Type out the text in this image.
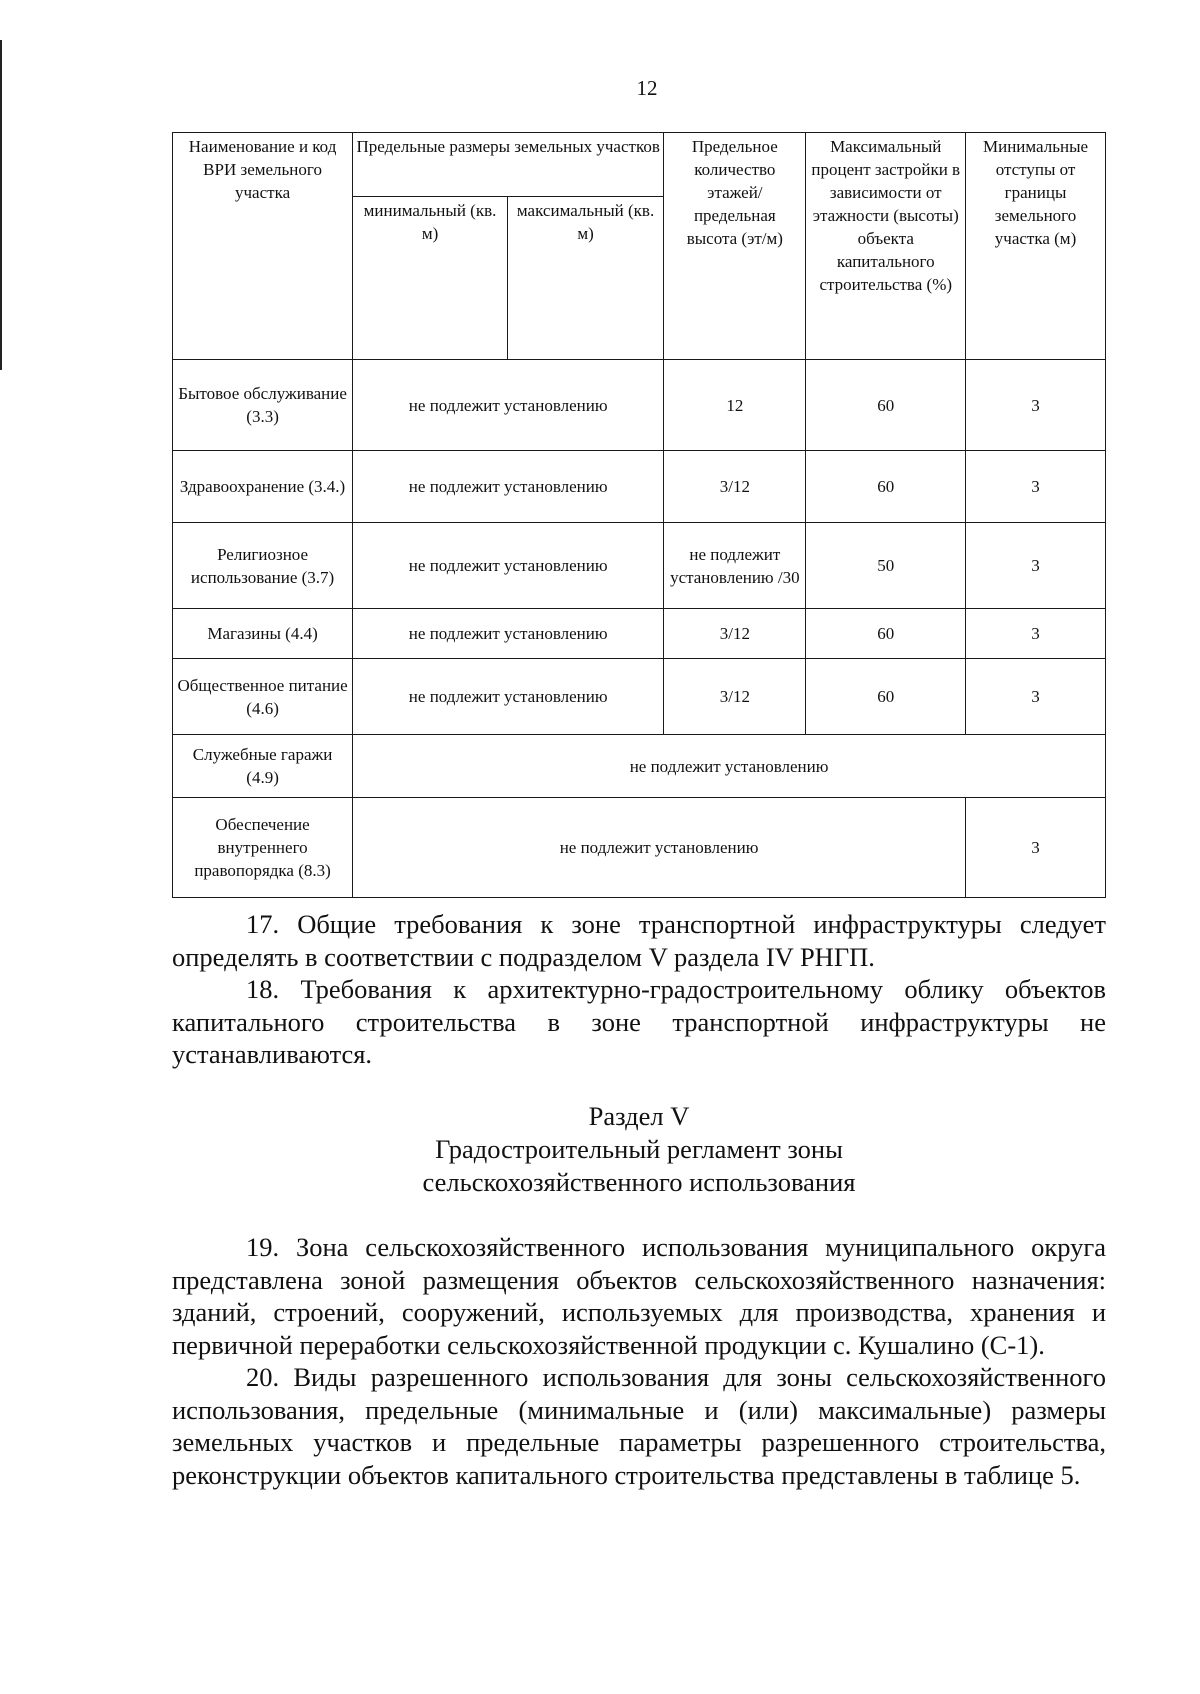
12
Наименование и код ВРИ земельного участка	Предельные размеры земельных участков		Предельное количество этажей/ предельная высота (эт/м)	Максимальный процент застройки в зависимости от этажности (высоты) объекта капитального строительства (%)	Минимальные отступы от границы земельного участка (м)
	минимальный (кв. м)	максимальный (кв. м)			
Бытовое обслуживание (3.3)	не подлежит установлению		12	60	3
Здравоохранение (3.4.)	не подлежит установлению		3/12	60	3
Религиозное использование (3.7)	не подлежит установлению		не подлежит установлению /30	50	3
Магазины (4.4)	не подлежит установлению		3/12	60	3
Общественное питание (4.6)	не подлежит установлению		3/12	60	3
Служебные гаражи (4.9)	не подлежит установлению				
Обеспечение внутреннего правопорядка (8.3)	не подлежит установлению				3

17. Общие требования к зоне транспортной инфраструктуры следует определять в соответствии с подразделом V раздела IV РНГП.

18. Требования к архитектурно-градостроительному облику объектов капитального строительства в зоне транспортной инфраструктуры не устанавливаются.

Раздел V
Градостроительный регламент зоны сельскохозяйственного использования

19. Зона сельскохозяйственного использования муниципального округа представлена зоной размещения объектов сельскохозяйственного назначения: зданий, строений, сооружений, используемых для производства, хранения и первичной переработки сельскохозяйственной продукции с. Кушалино (С-1).

20. Виды разрешенного использования для зоны сельскохозяйственного использования, предельные (минимальные и (или) максимальные) размеры земельных участков и предельные параметры разрешенного строительства, реконструкции объектов капитального строительства представлены в таблице 5.
